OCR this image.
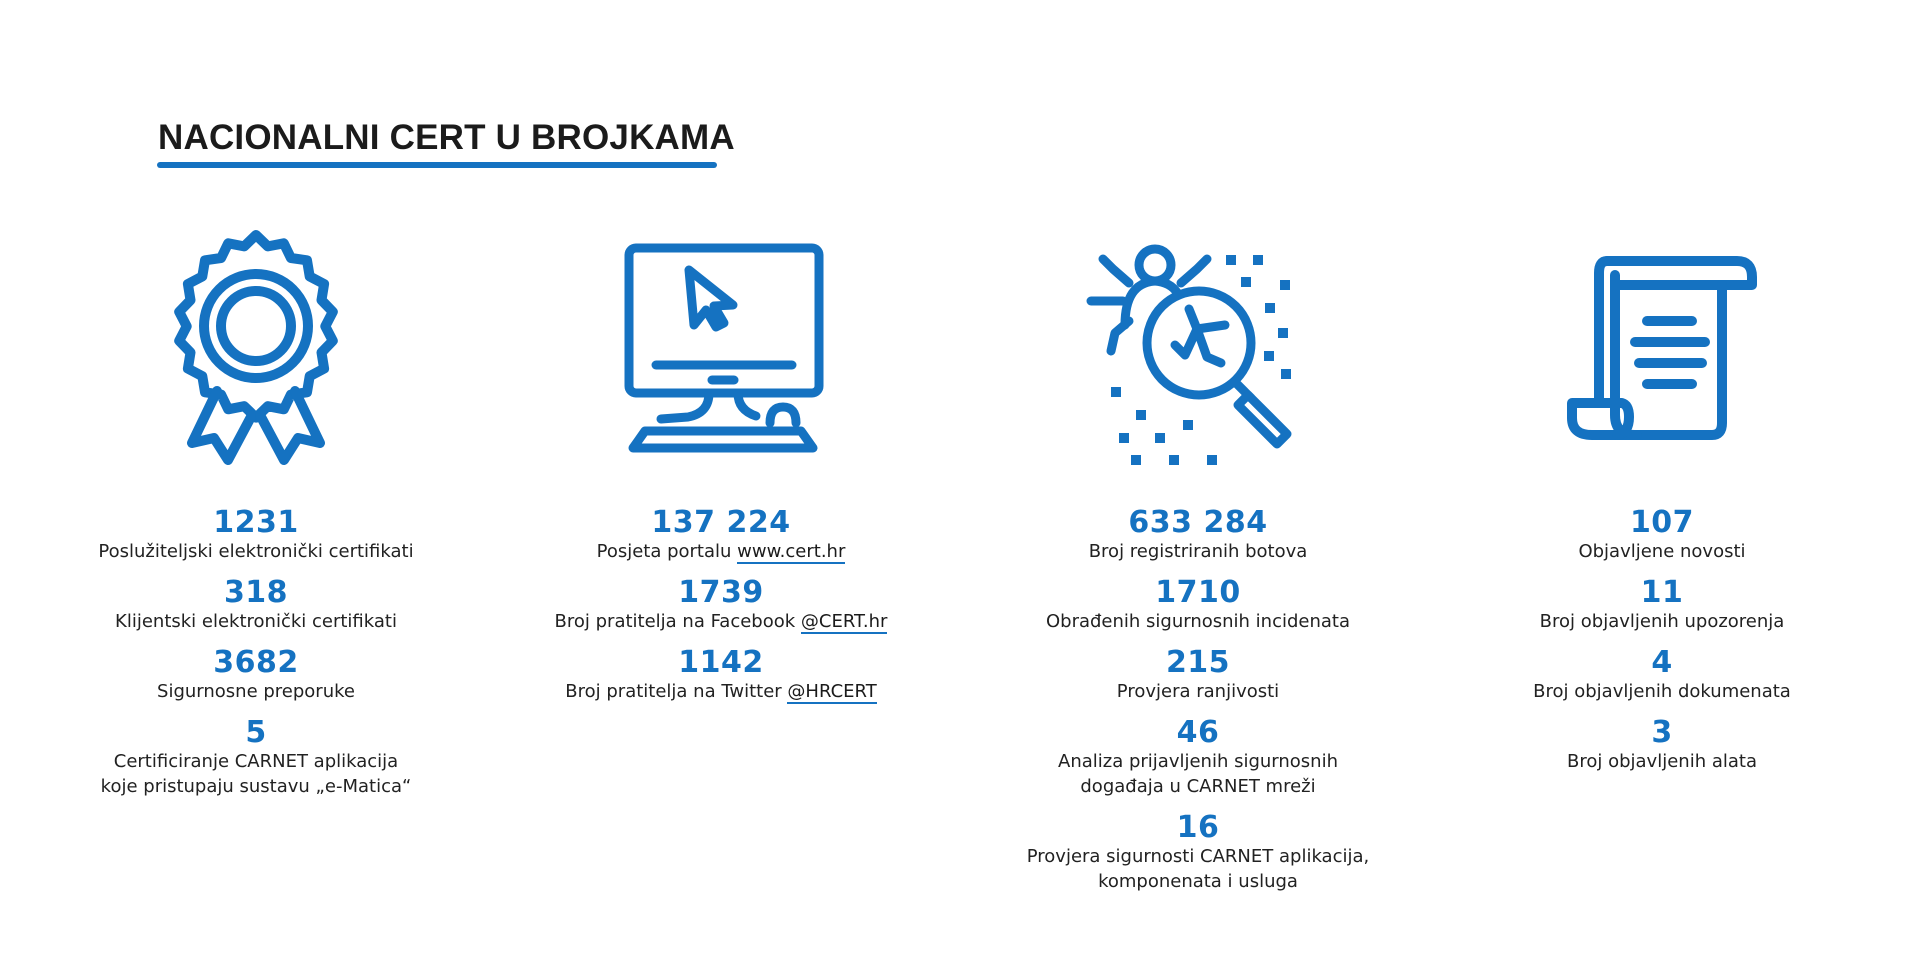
NACIONALNI CERT U BROJKAMA
1231
Poslužiteljski elektronički certifikati
318
Klijentski elektronički certifikati
3682
Sigurnosne preporuke
5
Certificiranje CARNET aplikacija
koje pristupaju sustavu „e-Matica“
137 224
Posjeta portalu www.cert.hr
1739
Broj pratitelja na Facebook @CERT.hr
1142
Broj pratitelja na Twitter @HRCERT
633 284
Broj registriranih botova
1710
Obrađenih sigurnosnih incidenata
215
Provjera ranjivosti
46
Analiza prijavljenih sigurnosnih
događaja u CARNET mreži
16
Provjera sigurnosti CARNET aplikacija,
komponenata i usluga
107
Objavljene novosti
11
Broj objavljenih upozorenja
4
Broj objavljenih dokumenata
3
Broj objavljenih alata
